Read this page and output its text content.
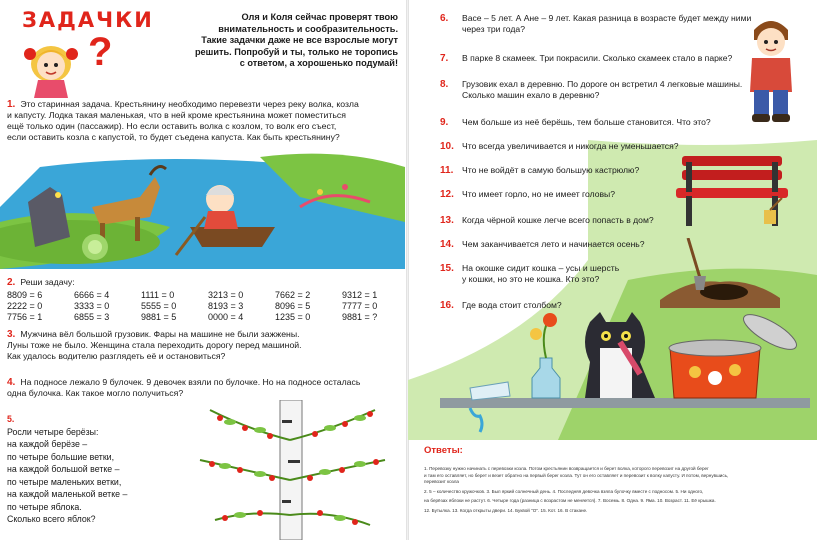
ЗАДАЧКИ
?
Оля и Коля сейчас проверят твою
внимательность и сообразительность.
Такие задачки даже не все взрослые могут
решить. Попробуй и ты, только не торопись
с ответом, а хорошенько подумай!
1. Это старинная задача. Крестьянину необходимо перевезти через реку волка, козла
и капусту. Лодка такая маленькая, что в ней кроме крестьянина может поместиться
ещё только один (пассажир). Но если оставить волка с козлом, то волк его съест,
если оставить козла с капустой, то будет съедена капуста. Как быть крестьянину?
2. Реши задачу:
8809 = 6	6666 = 4	1111 = 0	3213 = 0	7662 = 2	9312 = 1
2222 = 0	3333 = 0	5555 = 0	8193 = 3	8096 = 5	7777 = 0
7756 = 1	6855 = 3	9881 = 5	0000 = 4	1235 = 0	9881 = ?
3. Мужчина вёл большой грузовик. Фары на машине не были зажжены.
Луны тоже не было. Женщина стала переходить дорогу перед машиной.
Как удалось водителю разглядеть её и остановиться?
4. На подносе лежало 9 булочек. 9 девочек взяли по булочке. Но на подносе осталась
одна булочка. Как такое могло получиться?
5.
Росли четыре берёзы:
на каждой берёзе –
по четыре большие ветки,
на каждой большой ветке –
по четыре маленьких ветки,
на каждой маленькой ветке –
по четыре яблока.
Сколько всего яблок?
6. Васе – 5 лет. А Ане – 9 лет. Какая разница в возрасте будет между ними
через три года?
7. В парке 8 скамеек. Три покрасили. Сколько скамеек стало в парке?
8. Грузовик ехал в деревню. По дороге он встретил 4 легковые машины.
Сколько машин ехало в деревню?
9. Чем больше из неё берёшь, тем больше становится. Что это?
10. Что всегда увеличивается и никогда не уменьшается?
11. Что не войдёт в самую большую кастрюлю?
12. Что имеет горло, но не имеет головы?
13. Когда чёрной кошке легче всего попасть в дом?
14. Чем заканчивается лето и начинается осень?
15. На окошке сидит кошка – усы и шерсть
у кошки, но это не кошка. Кто это?
16. Где вода стоит столбом?
Ответы:
1. Перевозку нужно начинать с перевозки козла. Потом крестьянин возвращается и берет волка, которого перевозит на другой берег
и там его оставляет, но берет и везет обратно на первый берег козла. Тут он его оставляет и перевозит к волку капусту. И потом, вернувшись,
перевозит козла
2. 5 – количество кружочков. 3. Был яркий солнечный день. 4. Последняя девочка взяла булочку вместе с подносом. 5. Ни одного,
на берёзах яблоки не растут. 6. Четыре года (разница с возрастом не меняется). 7. Восемь. 8. Одна. 9. Яма. 10. Возраст. 11. Её крышка.
12. Бутылка. 13. Когда открыты двери. 14. Буквой "О". 15. Кот. 16. В стакане.
